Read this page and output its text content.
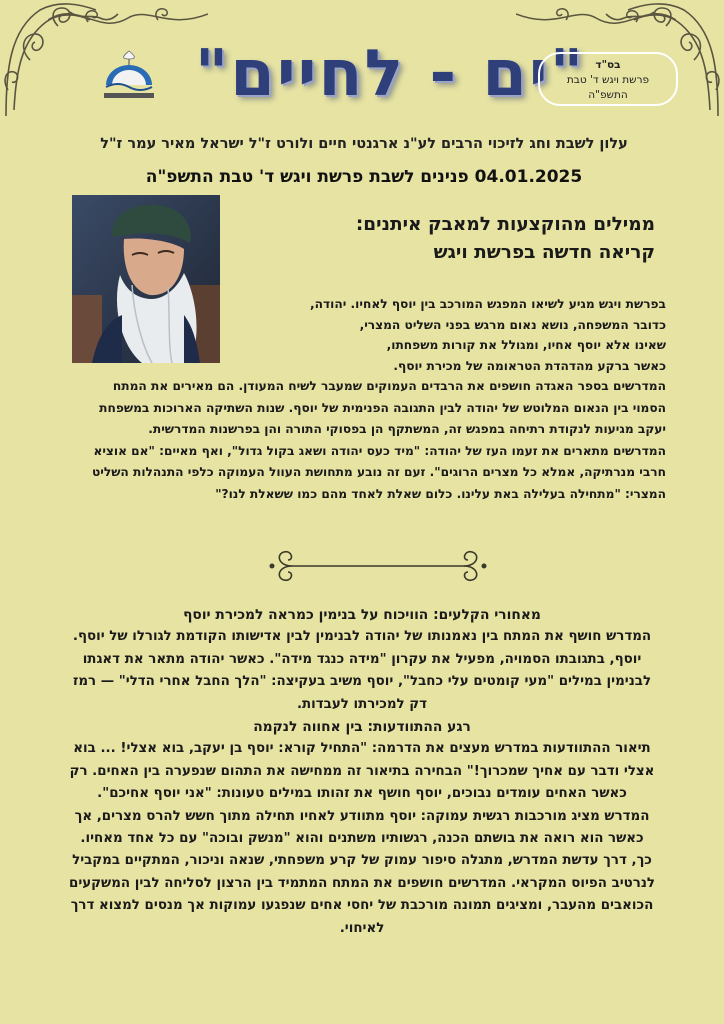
"ים - לחיים" בס"ד
פרשת ויגש ד' טבת
התשפ"ה
עלון לשבת וחג לזיכוי הרבים לע"נ ארגנטי חיים ולורט ז"ל ישראל מאיר עמר ז"ל
04.01.2025 פנינים לשבת פרשת ויגש ד' טבת התשפ"ה
ממילים מהוקצעות למאבק איתנים:
קריאה חדשה בפרשת ויגש

בפרשת ויגש מגיע לשיאו המפגש המורכב בין יוסף לאחיו. יהודה,

כדובר המשפחה, נושא נאום מרגש בפני השליט המצרי,

שאינו אלא יוסף אחיו, ומגולל את קורות משפחתו,

כאשר ברקע מהדהדת הטראומה של מכירת יוסף.

המדרשים בספר האגדה חושפים את הרבדים העמוקים שמעבר לשיח המעודן. הם מאירים את המתח

הסמוי בין הנאום המלוטש של יהודה לבין התגובה הפנימית של יוסף. שנות השתיקה הארוכות במשפחת

יעקב מגיעות לנקודת רתיחה במפגש זה, המשתקף הן בפסוקי התורה והן בפרשנות המדרשית.

המדרשים מתארים את זעמו העז של יהודה: "מיד כעס יהודה ושאג בקול גדול", ואף מאיים: "אם אוציא

חרבי מנרתיקה, אמלא כל מצרים הרוגים". זעם זה נובע מתחושת העוול העמוקה כלפי התנהלות השליט

המצרי: "מתחילה בעלילה באת עלינו. כלום שאלת לאחד מהם כמו ששאלת לנו?"

מאחורי הקלעים: הוויכוח על בנימין כמראה למכירת יוסף

המדרש חושף את המתח בין נאמנותו של יהודה לבנימין לבין אדישותו הקודמת לגורלו של יוסף.

יוסף, בתגובתו הסמויה, מפעיל את עקרון "מידה כנגד מידה". כאשר יהודה מתאר את דאגתו

לבנימין במילים "מעי קומטים עלי כחבל", יוסף משיב בעקיצה: "הלך החבל אחרי הדלי" — רמז

דק למכירתו לעבדות.

רגע ההתוודעות: בין אחווה לנקמה

תיאור ההתוודעות במדרש מעצים את הדרמה: "התחיל קורא: יוסף בן יעקב, בוא אצלי! ... בוא

אצלי ודבר עם אחיך שמכרוך!" הבחירה בתיאור זה ממחישה את התהום שנפערה בין האחים. רק

כאשר האחים עומדים נבוכים, יוסף חושף את זהותו במילים טעונות: "אני יוסף אחיכם".

המדרש מציג מורכבות רגשית עמוקה: יוסף מתוודע לאחיו תחילה מתוך חשש להרס מצרים, אך

כאשר הוא רואה את בושתם הכנה, רגשותיו משתנים והוא "מנשק ובוכה" עם כל אחד מאחיו.

כך, דרך עדשת המדרש, מתגלה סיפור עמוק של קרע משפחתי, שנאה וניכור, המתקיים במקביל

לנרטיב הפיוס המקראי. המדרשים חושפים את המתח המתמיד בין הרצון לסליחה לבין המשקעים

הכואבים מהעבר, ומציגים תמונה מורכבת של יחסי אחים שנפגעו עמוקות אך מנסים למצוא דרך

לאיחוי.
